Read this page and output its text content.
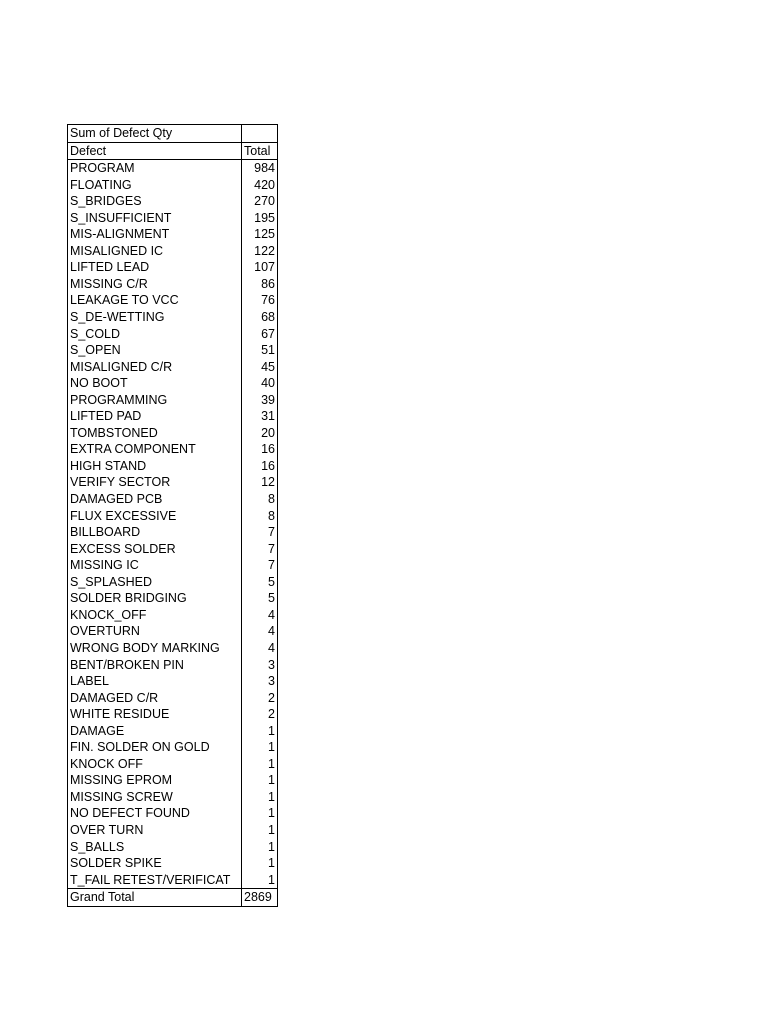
Sum of Defect Qty	
Defect	Total
PROGRAM	984
FLOATING	420
S_BRIDGES	270
S_INSUFFICIENT	195
MIS-ALIGNMENT	125
MISALIGNED IC	122
LIFTED LEAD	107
MISSING C/R	86
LEAKAGE TO VCC	76
S_DE-WETTING	68
S_COLD	67
S_OPEN	51
MISALIGNED C/R	45
NO BOOT	40
PROGRAMMING	39
LIFTED PAD	31
TOMBSTONED	20
EXTRA COMPONENT	16
HIGH STAND	16
VERIFY SECTOR	12
DAMAGED PCB	8
FLUX EXCESSIVE	8
BILLBOARD	7
EXCESS SOLDER	7
MISSING IC	7
S_SPLASHED	5
SOLDER BRIDGING	5
KNOCK_OFF	4
OVERTURN	4
WRONG BODY MARKING	4
BENT/BROKEN PIN	3
LABEL	3
DAMAGED C/R	2
WHITE RESIDUE	2
DAMAGE	1
FIN. SOLDER ON GOLD	1
KNOCK OFF	1
MISSING EPROM	1
MISSING SCREW	1
NO DEFECT FOUND	1
OVER TURN	1
S_BALLS	1
SOLDER SPIKE	1
T_FAIL RETEST/VERIFICAT	1
Grand Total	2869
